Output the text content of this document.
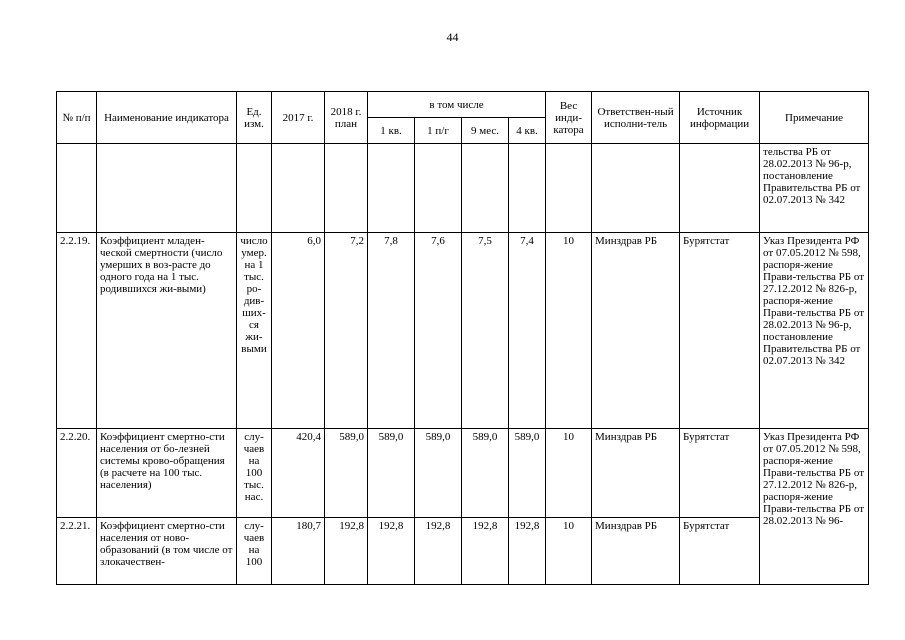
44
№ п/п	Наименование индикатора	Ед. изм.	2017 г.	2018 г. план	в том числе				Вес инди-катора	Ответствен-ный исполни-тель	Источник информации	Примечание
					1 кв.	1 п/г	9 мес.	4 кв.				
												тельства РБ от 28.02.2013 № 96-р, постановление Правительства РБ от 02.07.2013 № 342
2.2.19.	Коэффициент младен-ческой смертности (число умерших в воз-расте до одного года на 1 тыс. родившихся жи-выми)	число умер. на 1 тыс. ро-див-ших-ся жи-выми	6,0	7,2	7,8	7,6	7,5	7,4	10	Минздрав РБ	Бурятстат	Указ Президента РФ от 07.05.2012 № 598, распоря-жение Прави-тельства РБ от 27.12.2012 № 826-р, распоря-жение Прави-тельства РБ от 28.02.2013 № 96-р, постановление Правительства РБ от 02.07.2013 № 342
2.2.20.	Коэффициент смертно-сти населения от бо-лезней системы крово-обращения (в расчете на 100 тыс. населения)	слу-чаев на 100 тыс. нас.	420,4	589,0	589,0	589,0	589,0	589,0	10	Минздрав РБ	Бурятстат	Указ Президента РФ от 07.05.2012 № 598, распоря-жение Прави-тельства РБ от 27.12.2012 № 826-р, распоря-жение Прави-тельства РБ от 28.02.2013 № 96-
2.2.21.	Коэффициент смертно-сти населения от ново-образований (в том числе от злокачествен-	слу-чаев на 100	180,7	192,8	192,8	192,8	192,8	192,8	10	Минздрав РБ	Бурятстат	
